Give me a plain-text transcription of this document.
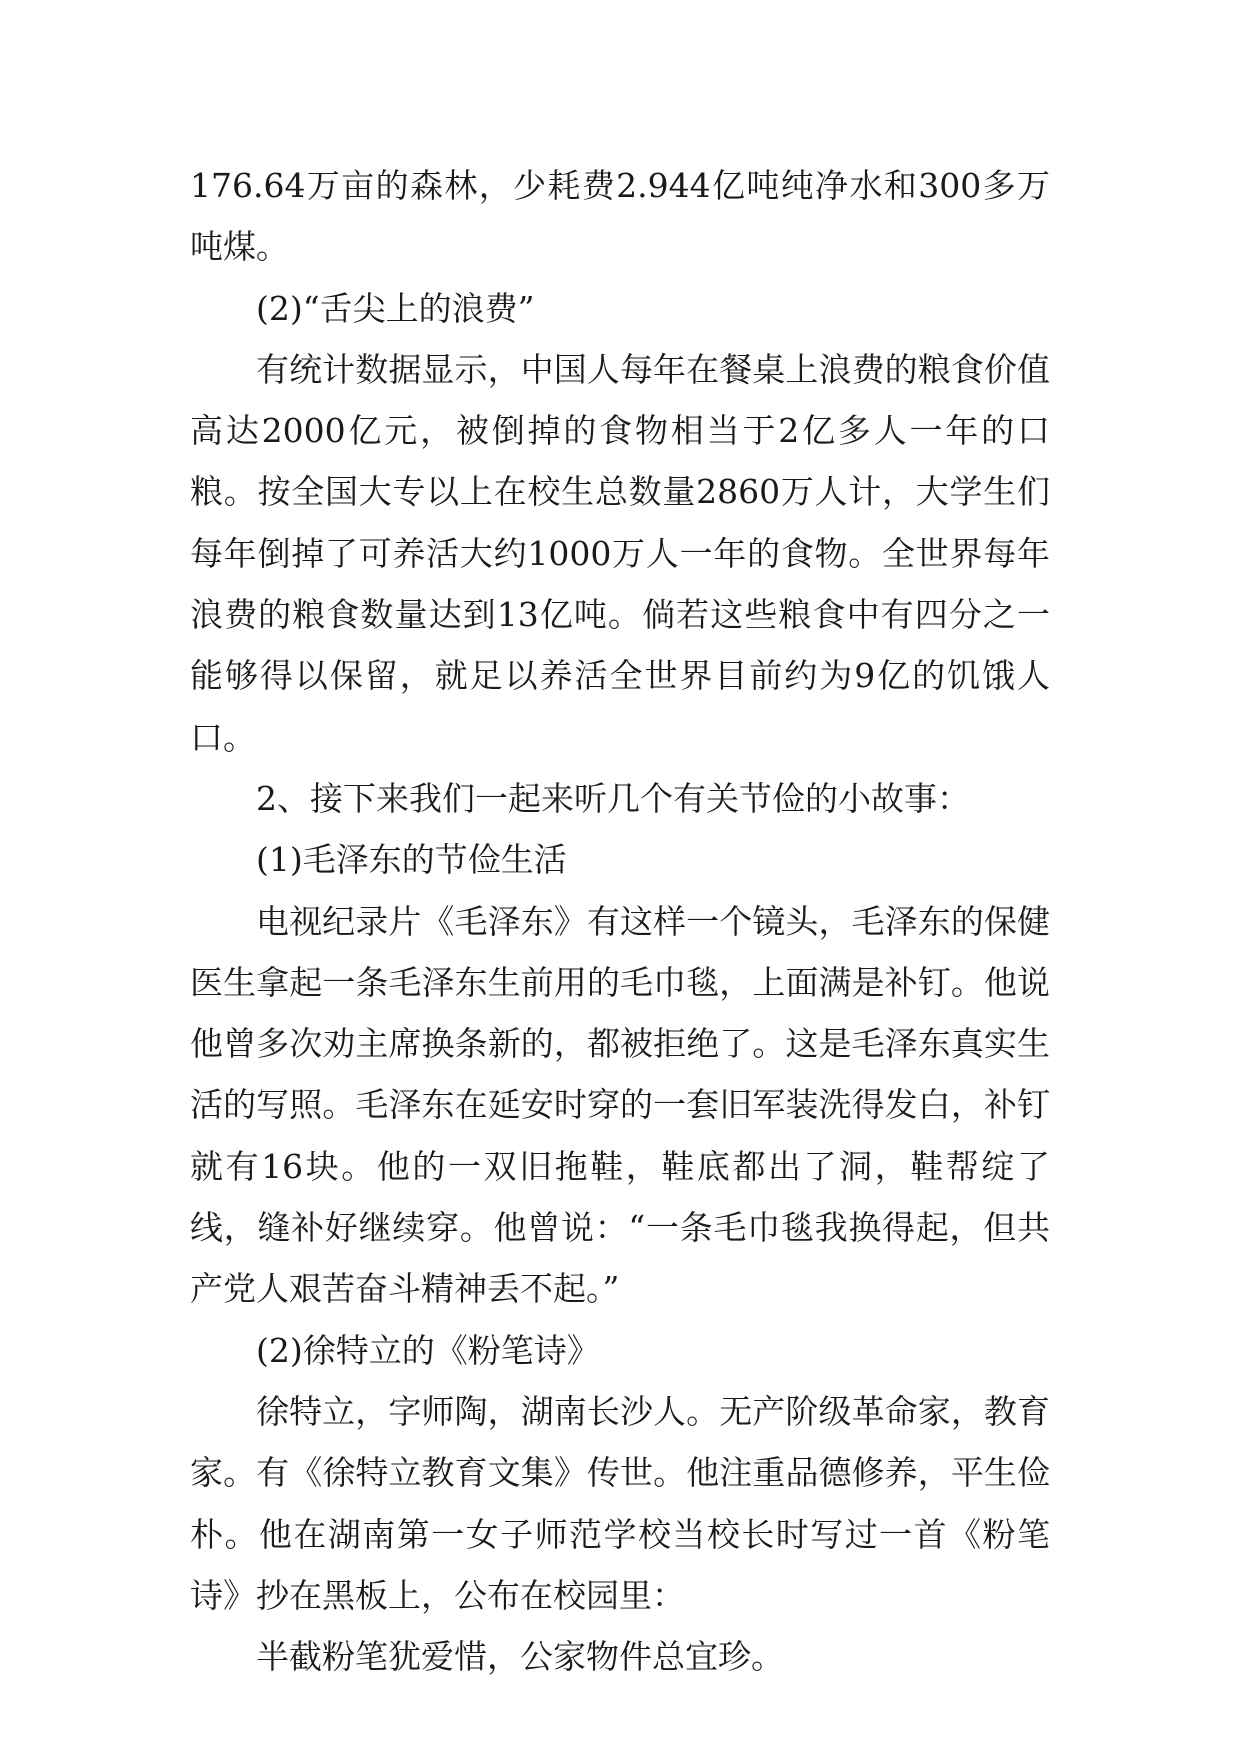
176.64万亩的森林，少耗费2.944亿吨纯净水和300多万吨煤。

(2)“舌尖上的浪费”

有统计数据显示，中国人每年在餐桌上浪费的粮食价值高达2000亿元，被倒掉的食物相当于2亿多人一年的口粮。按全国大专以上在校生总数量2860万人计，大学生们每年倒掉了可养活大约1000万人一年的食物。全世界每年浪费的粮食数量达到13亿吨。倘若这些粮食中有四分之一能够得以保留，就足以养活全世界目前约为9亿的饥饿人口。

2、接下来我们一起来听几个有关节俭的小故事：

(1)毛泽东的节俭生活

电视纪录片《毛泽东》有这样一个镜头，毛泽东的保健医生拿起一条毛泽东生前用的毛巾毯，上面满是补钉。他说他曾多次劝主席换条新的，都被拒绝了。这是毛泽东真实生活的写照。毛泽东在延安时穿的一套旧军装洗得发白，补钉就有16块。他的一双旧拖鞋，鞋底都出了洞，鞋帮绽了线，缝补好继续穿。他曾说：“一条毛巾毯我换得起，但共产党人艰苦奋斗精神丢不起。”

(2)徐特立的《粉笔诗》

徐特立，字师陶，湖南长沙人。无产阶级革命家，教育家。有《徐特立教育文集》传世。他注重品德修养，平生俭朴。他在湖南第一女子师范学校当校长时写过一首《粉笔诗》抄在黑板上，公布在校园里：

半截粉笔犹爱惜，公家物件总宜珍。
